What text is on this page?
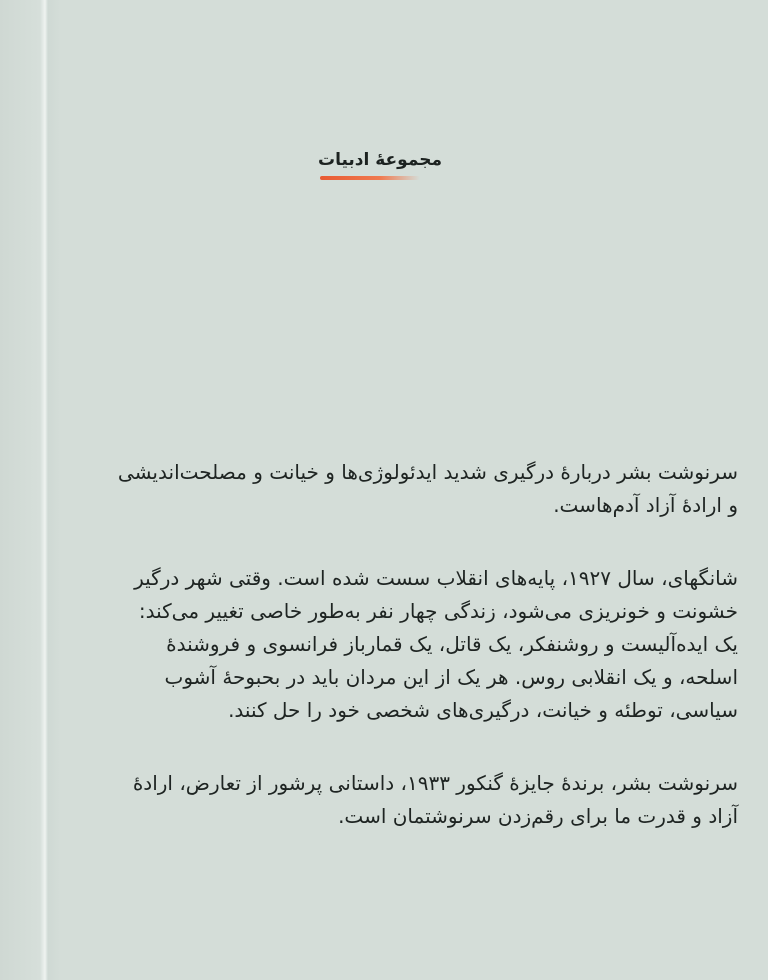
مجموعهٔ ادبیات

سرنوشت بشر دربارهٔ درگیری شدید ایدئولوژی‌ها و خیانت و مصلحت‌اندیشی
و ارادهٔ آزاد آدم‌هاست.

شانگهای، سال ۱۹۲۷، پایه‌های انقلاب سست شده است. وقتی شهر درگیر
خشونت و خونریزی می‌شود، زندگی چهار نفر به‌طور خاصی تغییر می‌کند:
یک ایده‌آلیست و روشنفکر، یک قاتل، یک قمارباز فرانسوی و فروشندهٔ
اسلحه، و یک انقلابی روس. هر یک از این مردان باید در بحبوحهٔ آشوب
سیاسی، توطئه و خیانت، درگیری‌های شخصی خود را حل کنند.

سرنوشت بشر، برندهٔ جایزهٔ گنکور ۱۹۳۳، داستانی پرشور از تعارض، ارادهٔ
آزاد و قدرت ما برای رقم‌زدن سرنوشتمان است.
